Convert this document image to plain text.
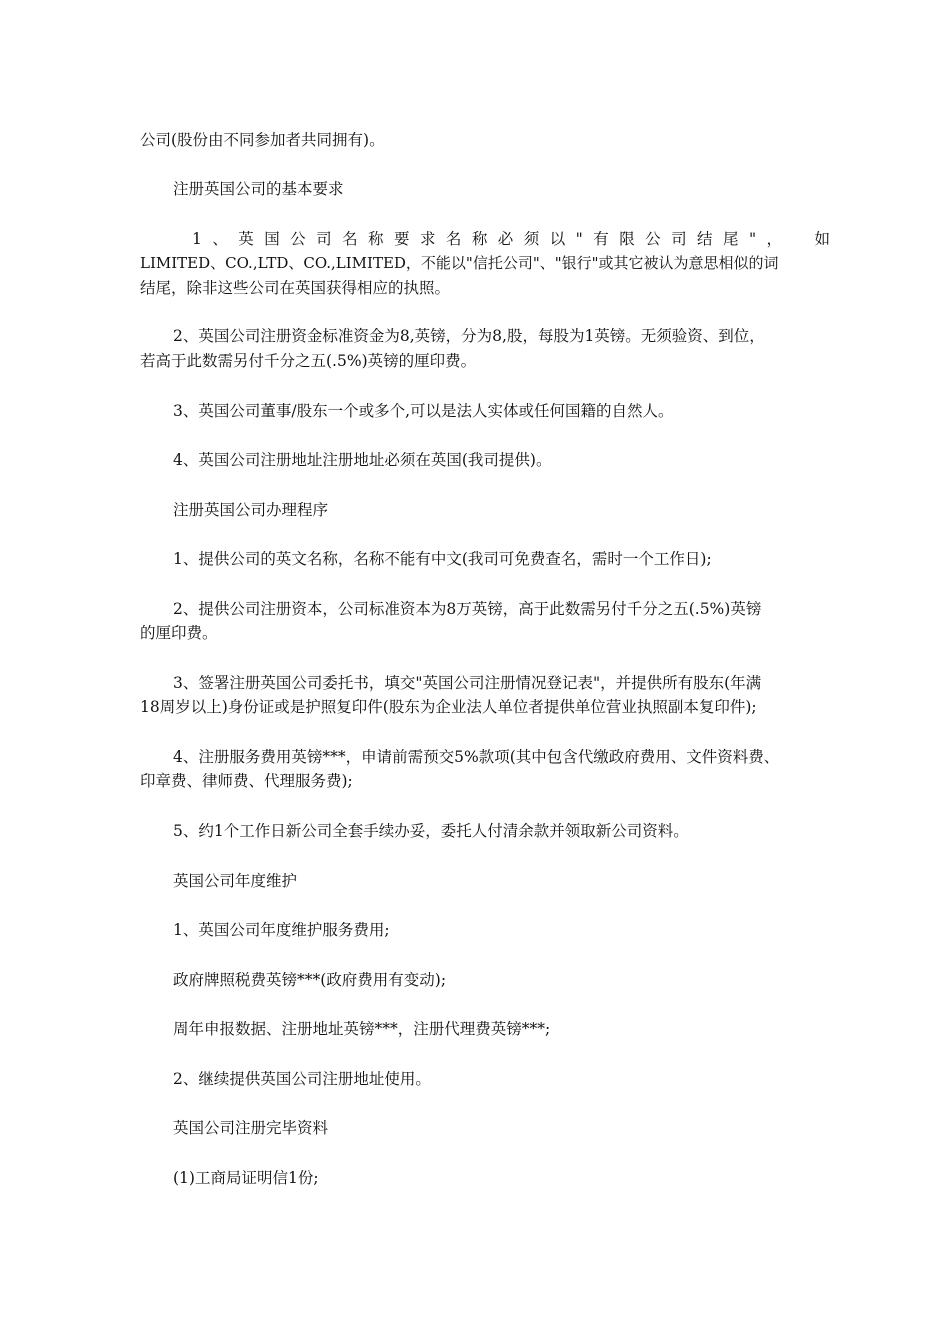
公司(股份由不同参加者共同拥有)。

注册英国公司的基本要求

1 、 英 国 公 司 名 称 要 求 名 称 必 须 以 " 有 限 公 司 结 尾 " ， 如

LIMITED、CO.,LTD、CO.,LIMITED，不能以"信托公司"、"银行"或其它被认为意思相似的词

结尾，除非这些公司在英国获得相应的执照。

2、英国公司注册资金标准资金为8,英镑，分为8,股，每股为1英镑。无须验资、到位，

若高于此数需另付千分之五(.5%)英镑的厘印费。

3、英国公司董事/股东一个或多个,可以是法人实体或任何国籍的自然人。

4、英国公司注册地址注册地址必须在英国(我司提供)。

注册英国公司办理程序

1、提供公司的英文名称，名称不能有中文(我司可免费查名，需时一个工作日);

2、提供公司注册资本，公司标准资本为8万英镑，高于此数需另付千分之五(.5%)英镑

的厘印费。

3、签署注册英国公司委托书，填交"英国公司注册情况登记表"，并提供所有股东(年满

18周岁以上)身份证或是护照复印件(股东为企业法人单位者提供单位营业执照副本复印件);

4、注册服务费用英镑***，申请前需预交5%款项(其中包含代缴政府费用、文件资料费、

印章费、律师费、代理服务费);

5、约1个工作日新公司全套手续办妥，委托人付清余款并领取新公司资料。

英国公司年度维护

1、英国公司年度维护服务费用;

政府牌照税费英镑***(政府费用有变动);

周年申报数据、注册地址英镑***，注册代理费英镑***;

2、继续提供英国公司注册地址使用。

英国公司注册完毕资料

(1)工商局证明信1份;
